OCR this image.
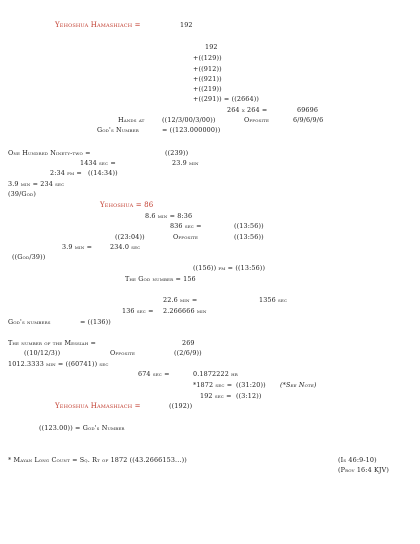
Yehoshua Hamashiach =	192
192
+((129))
+((912))
+((921))
+((219))
+((291)) = ((2664))
264 x 264 =	69696
Hands at	((12/3/00/3/00))	Opposite	6/9/6/9/6
God's Number	= ((123.000000))
One Hundred Ninety-two =	((239))
1434 sec =	23.9 min
2:34 pm = ((14:34))
3.9 min = 234 sec
(39/God)
Yehoshua = 86
8.6 min = 8:36
836 sec =	((13:56))
((23:04))	Opposite	((13:56))
3.9 min =	234.0 sec
((God/39))
((156)) pm = ((13:56))
The God number = 156
22.6 min =	1356 sec
136 sec = 2.266666 min
God's numbers	= ((136))
The number of the Messiah =	269
((10/12/3))	Opposite	((2/6/9))
1012.3333 min = ((60741)) sec
674 sec =	0.1872222 hr
*1872 sec = ((31:20)) (*See Note)
192 sec = ((3:12))
Yehoshua Hamashiach =	((192))
((123.00)) = God's Number
* Mayan Long Count = Sq. Rt of 1872 ((43.2666153...))	(Is 46:9-10)
(Prov 16:4 KJV)
